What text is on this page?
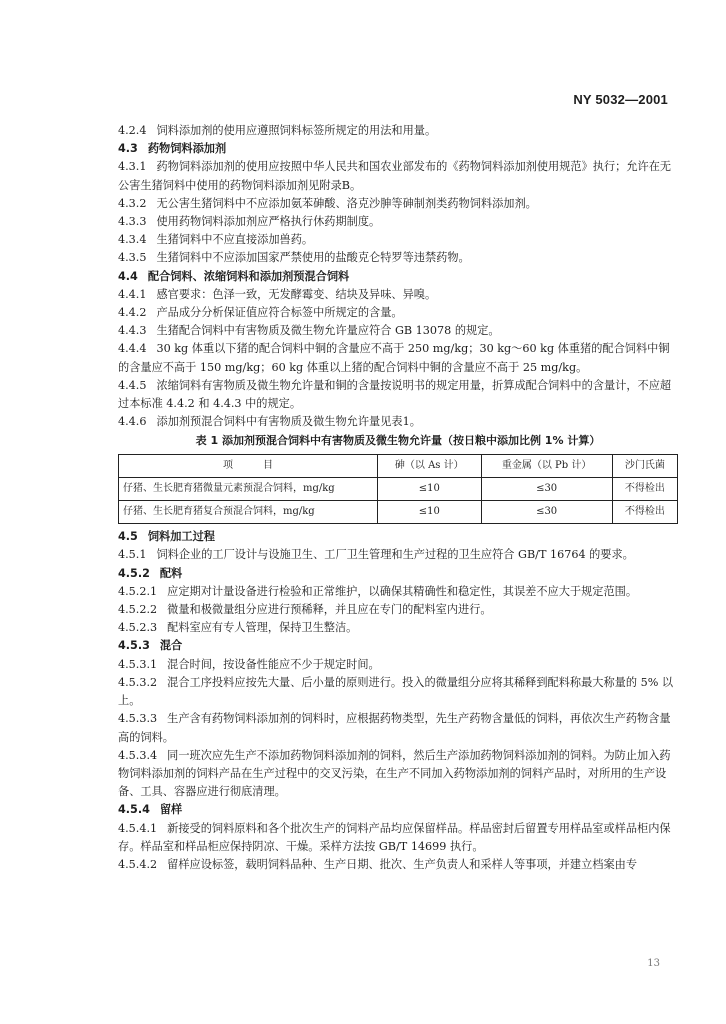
NY 5032—2001
4.2.4 饲料添加剂的使用应遵照饲料标签所规定的用法和用量。
4.3 药物饲料添加剂
4.3.1 药物饲料添加剂的使用应按照中华人民共和国农业部发布的《药物饲料添加剂使用规范》执行；允许在无公害生猪饲料中使用的药物饲料添加剂见附录B。
4.3.2 无公害生猪饲料中不应添加氨苯砷酸、洛克沙胂等砷制剂类药物饲料添加剂。
4.3.3 使用药物饲料添加剂应严格执行休药期制度。
4.3.4 生猪饲料中不应直接添加兽药。
4.3.5 生猪饲料中不应添加国家严禁使用的盐酸克仑特罗等违禁药物。
4.4 配合饲料、浓缩饲料和添加剂预混合饲料
4.4.1 感官要求：色泽一致，无发酵霉变、结块及异味、异嗅。
4.4.2 产品成分分析保证值应符合标签中所规定的含量。
4.4.3 生猪配合饲料中有害物质及微生物允许量应符合 GB 13078 的规定。
4.4.4 30 kg 体重以下猪的配合饲料中铜的含量应不高于 250 mg/kg；30 kg～60 kg 体重猪的配合饲料中铜的含量应不高于 150 mg/kg；60 kg 体重以上猪的配合饲料中铜的含量应不高于 25 mg/kg。
4.4.5 浓缩饲料有害物质及微生物允许量和铜的含量按说明书的规定用量，折算成配合饲料中的含量计，不应超过本标准 4.4.2 和 4.4.3 中的规定。
4.4.6 添加剂预混合饲料中有害物质及微生物允许量见表1。
表 1 添加剂预混合饲料中有害物质及微生物允许量（按日粮中添加比例 1% 计算）
项　　　目	砷（以 As 计）	重金属（以 Pb 计）	沙门氏菌
仔猪、生长肥育猪微量元素预混合饲料，mg/kg	≤10	≤30	不得检出
仔猪、生长肥育猪复合预混合饲料，mg/kg	≤10	≤30	不得检出
4.5 饲料加工过程
4.5.1 饲料企业的工厂设计与设施卫生、工厂卫生管理和生产过程的卫生应符合 GB/T 16764 的要求。
4.5.2 配料
4.5.2.1 应定期对计量设备进行检验和正常维护，以确保其精确性和稳定性，其误差不应大于规定范围。
4.5.2.2 微量和极微量组分应进行预稀释，并且应在专门的配料室内进行。
4.5.2.3 配料室应有专人管理，保持卫生整洁。
4.5.3 混合
4.5.3.1 混合时间，按设备性能应不少于规定时间。
4.5.3.2 混合工序投料应按先大量、后小量的原则进行。投入的微量组分应将其稀释到配料称最大称量的 5% 以上。
4.5.3.3 生产含有药物饲料添加剂的饲料时，应根据药物类型，先生产药物含量低的饲料，再依次生产药物含量高的饲料。
4.5.3.4 同一班次应先生产不添加药物饲料添加剂的饲料，然后生产添加药物饲料添加剂的饲料。为防止加入药物饲料添加剂的饲料产品在生产过程中的交叉污染，在生产不同加入药物添加剂的饲料产品时，对所用的生产设备、工具、容器应进行彻底清理。
4.5.4 留样
4.5.4.1 新接受的饲料原料和各个批次生产的饲料产品均应保留样品。样品密封后留置专用样品室或样品柜内保存。样品室和样品柜应保持阴凉、干燥。采样方法按 GB/T 14699 执行。
4.5.4.2 留样应设标签，载明饲料品种、生产日期、批次、生产负责人和采样人等事项，并建立档案由专
13
